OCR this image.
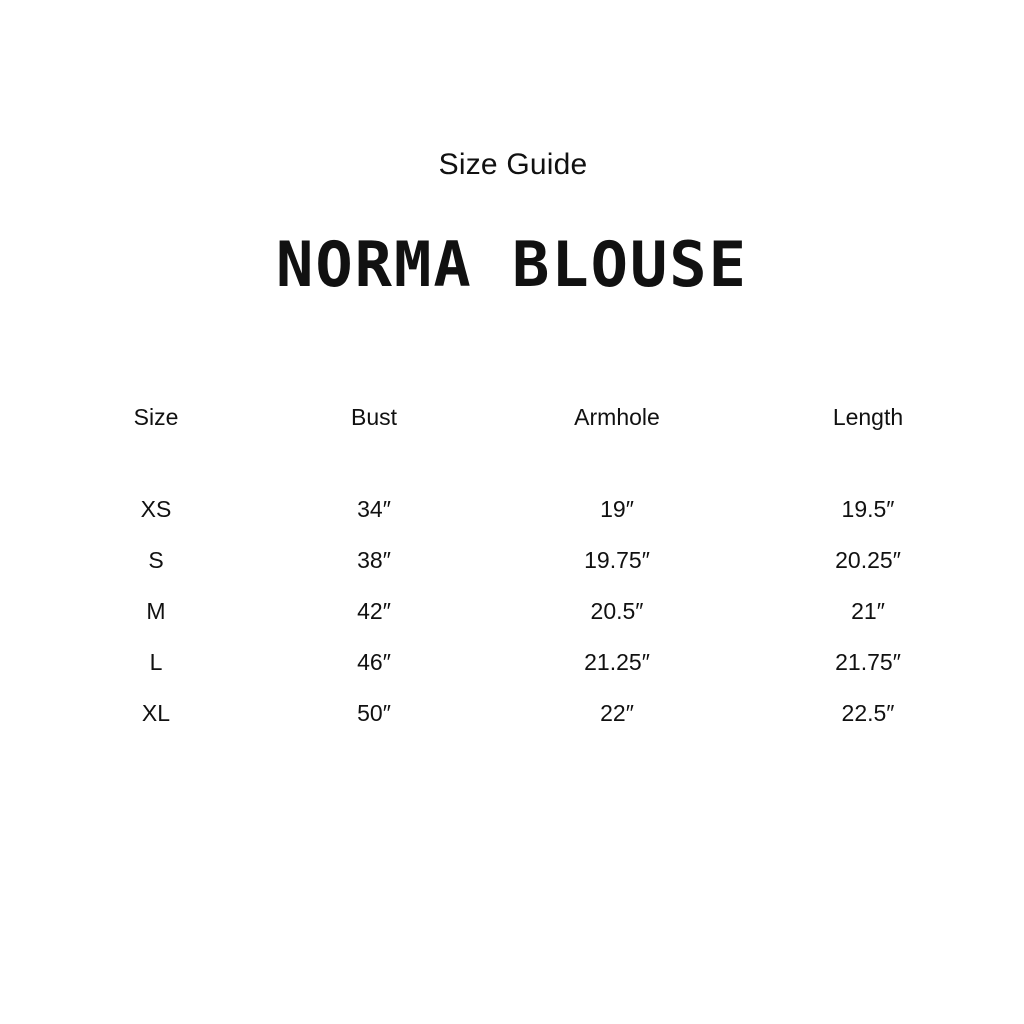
Size Guide
NORMA BLOUSE
Size	Bust	Armhole	Length
XS	34″	19″	19.5″
S	38″	19.75″	20.25″
M	42″	20.5″	21″
L	46″	21.25″	21.75″
XL	50″	22″	22.5″
